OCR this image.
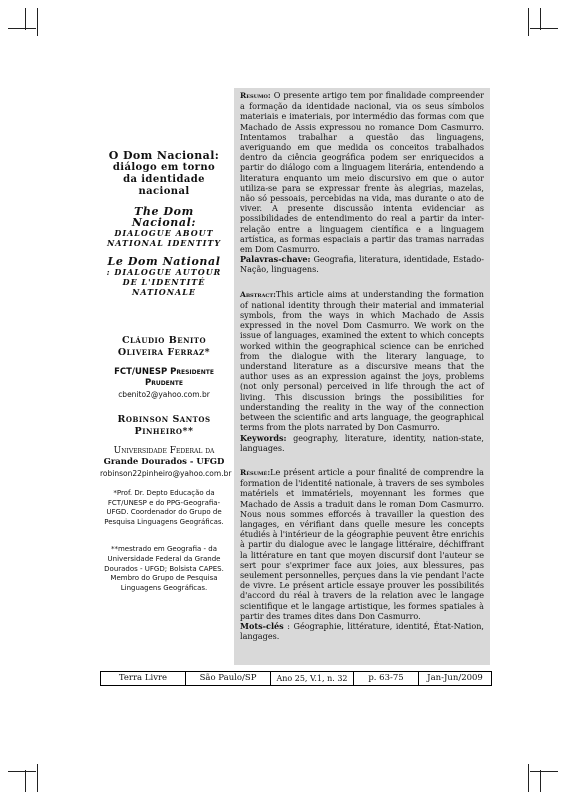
O Dom Nacional:
diálogo em torno
da identidade
nacional
The Dom
Nacional:
DIALOGUE ABOUT
NATIONAL IDENTITY
Le Dom National
: DIALOGUE AUTOUR
DE L'IDENTITÉ
NATIONALE
Cláudio Benito
Oliveira Ferraz*
FCT/UNESP Presidente
Prudente
cbenito2@yahoo.com.br
Robinson Santos
Pinheiro**
Universidade Federal da
Grande Dourados - UFGD
robinson22pinheiro@yahoo.com.br
*Prof. Dr. Depto Educação da FCT/UNESP e do PPG-Geografia-UFGD. Coordenador do Grupo de Pesquisa Linguagens Geográficas.
**mestrado em Geografia - da Universidade Federal da Grande Dourados - UFGD; Bolsista CAPES. Membro do Grupo de Pesquisa Linguagens Geográficas.

Resumo: O presente artigo tem por finalidade compreender a formação da identidade nacional, via os seus símbolos materiais e imateriais, por intermédio das formas com que Machado de Assis expressou no romance Dom Casmurro. Intentamos trabalhar a questão das linguagens, averiguando em que medida os conceitos trabalhados dentro da ciência geográfica podem ser enriquecidos a partir do diálogo com a linguagem literária, entendendo a literatura enquanto um meio discursivo em que o autor utiliza-se para se expressar frente às alegrias, mazelas, não só pessoais, percebidas na vida, mas durante o ato de viver. A presente discussão intenta evidenciar as possibilidades de entendimento do real a partir da inter-relação entre a linguagem científica e a linguagem artística, as formas espaciais a partir das tramas narradas em Dom Casmurro.

Palavras-chave: Geografia, literatura, identidade, Estado-Nação, linguagens.

Abstract:This article aims at understanding the formation of national identity through their material and immaterial symbols, from the ways in which Machado de Assis expressed in the novel Dom Casmurro. We work on the issue of languages, examined the extent to which concepts worked within the geographical science can be enriched from the dialogue with the literary language, to understand literature as a discursive means that the author uses as an expression against the joys, problems (not only personal) perceived in life through the act of living. This discussion brings the possibilities for understanding the reality in the way of the connection between the scientific and arts language, the geographical terms from the plots narrated by Don Casmurro.

Keywords: geography, literature, identity, nation-state, languages.

Résumé:Le présent article a pour finalité de comprendre la formation de l'identité nationale, à travers de ses symboles matériels et immatériels, moyennant les formes que Machado de Assis a traduit dans le roman Dom Casmurro. Nous nous sommes efforcés à travailler la question des langages, en vérifiant dans quelle mesure les concepts étudiés à l'intérieur de la géographie peuvent être enrichis à partir du dialogue avec le langage littéraire, déchiffrant la littérature en tant que moyen discursif dont l'auteur se sert pour s'exprimer face aux joies, aux blessures, pas seulement personnelles, perçues dans la vie pendant l'acte de vivre. Le présent article essaye prouver les possibilités d'accord du réal à travers de la relation avec le langage scientifique et le langage artistique, les formes spatiales à partir des trames dites dans Don Casmurro.

Mots-clés : Géographie, littérature, identité, État-Nation, langages.

Terra Livre	São Paulo/SP	Ano 25, V.1, n. 32	p. 63-75	Jan-Jun/2009
